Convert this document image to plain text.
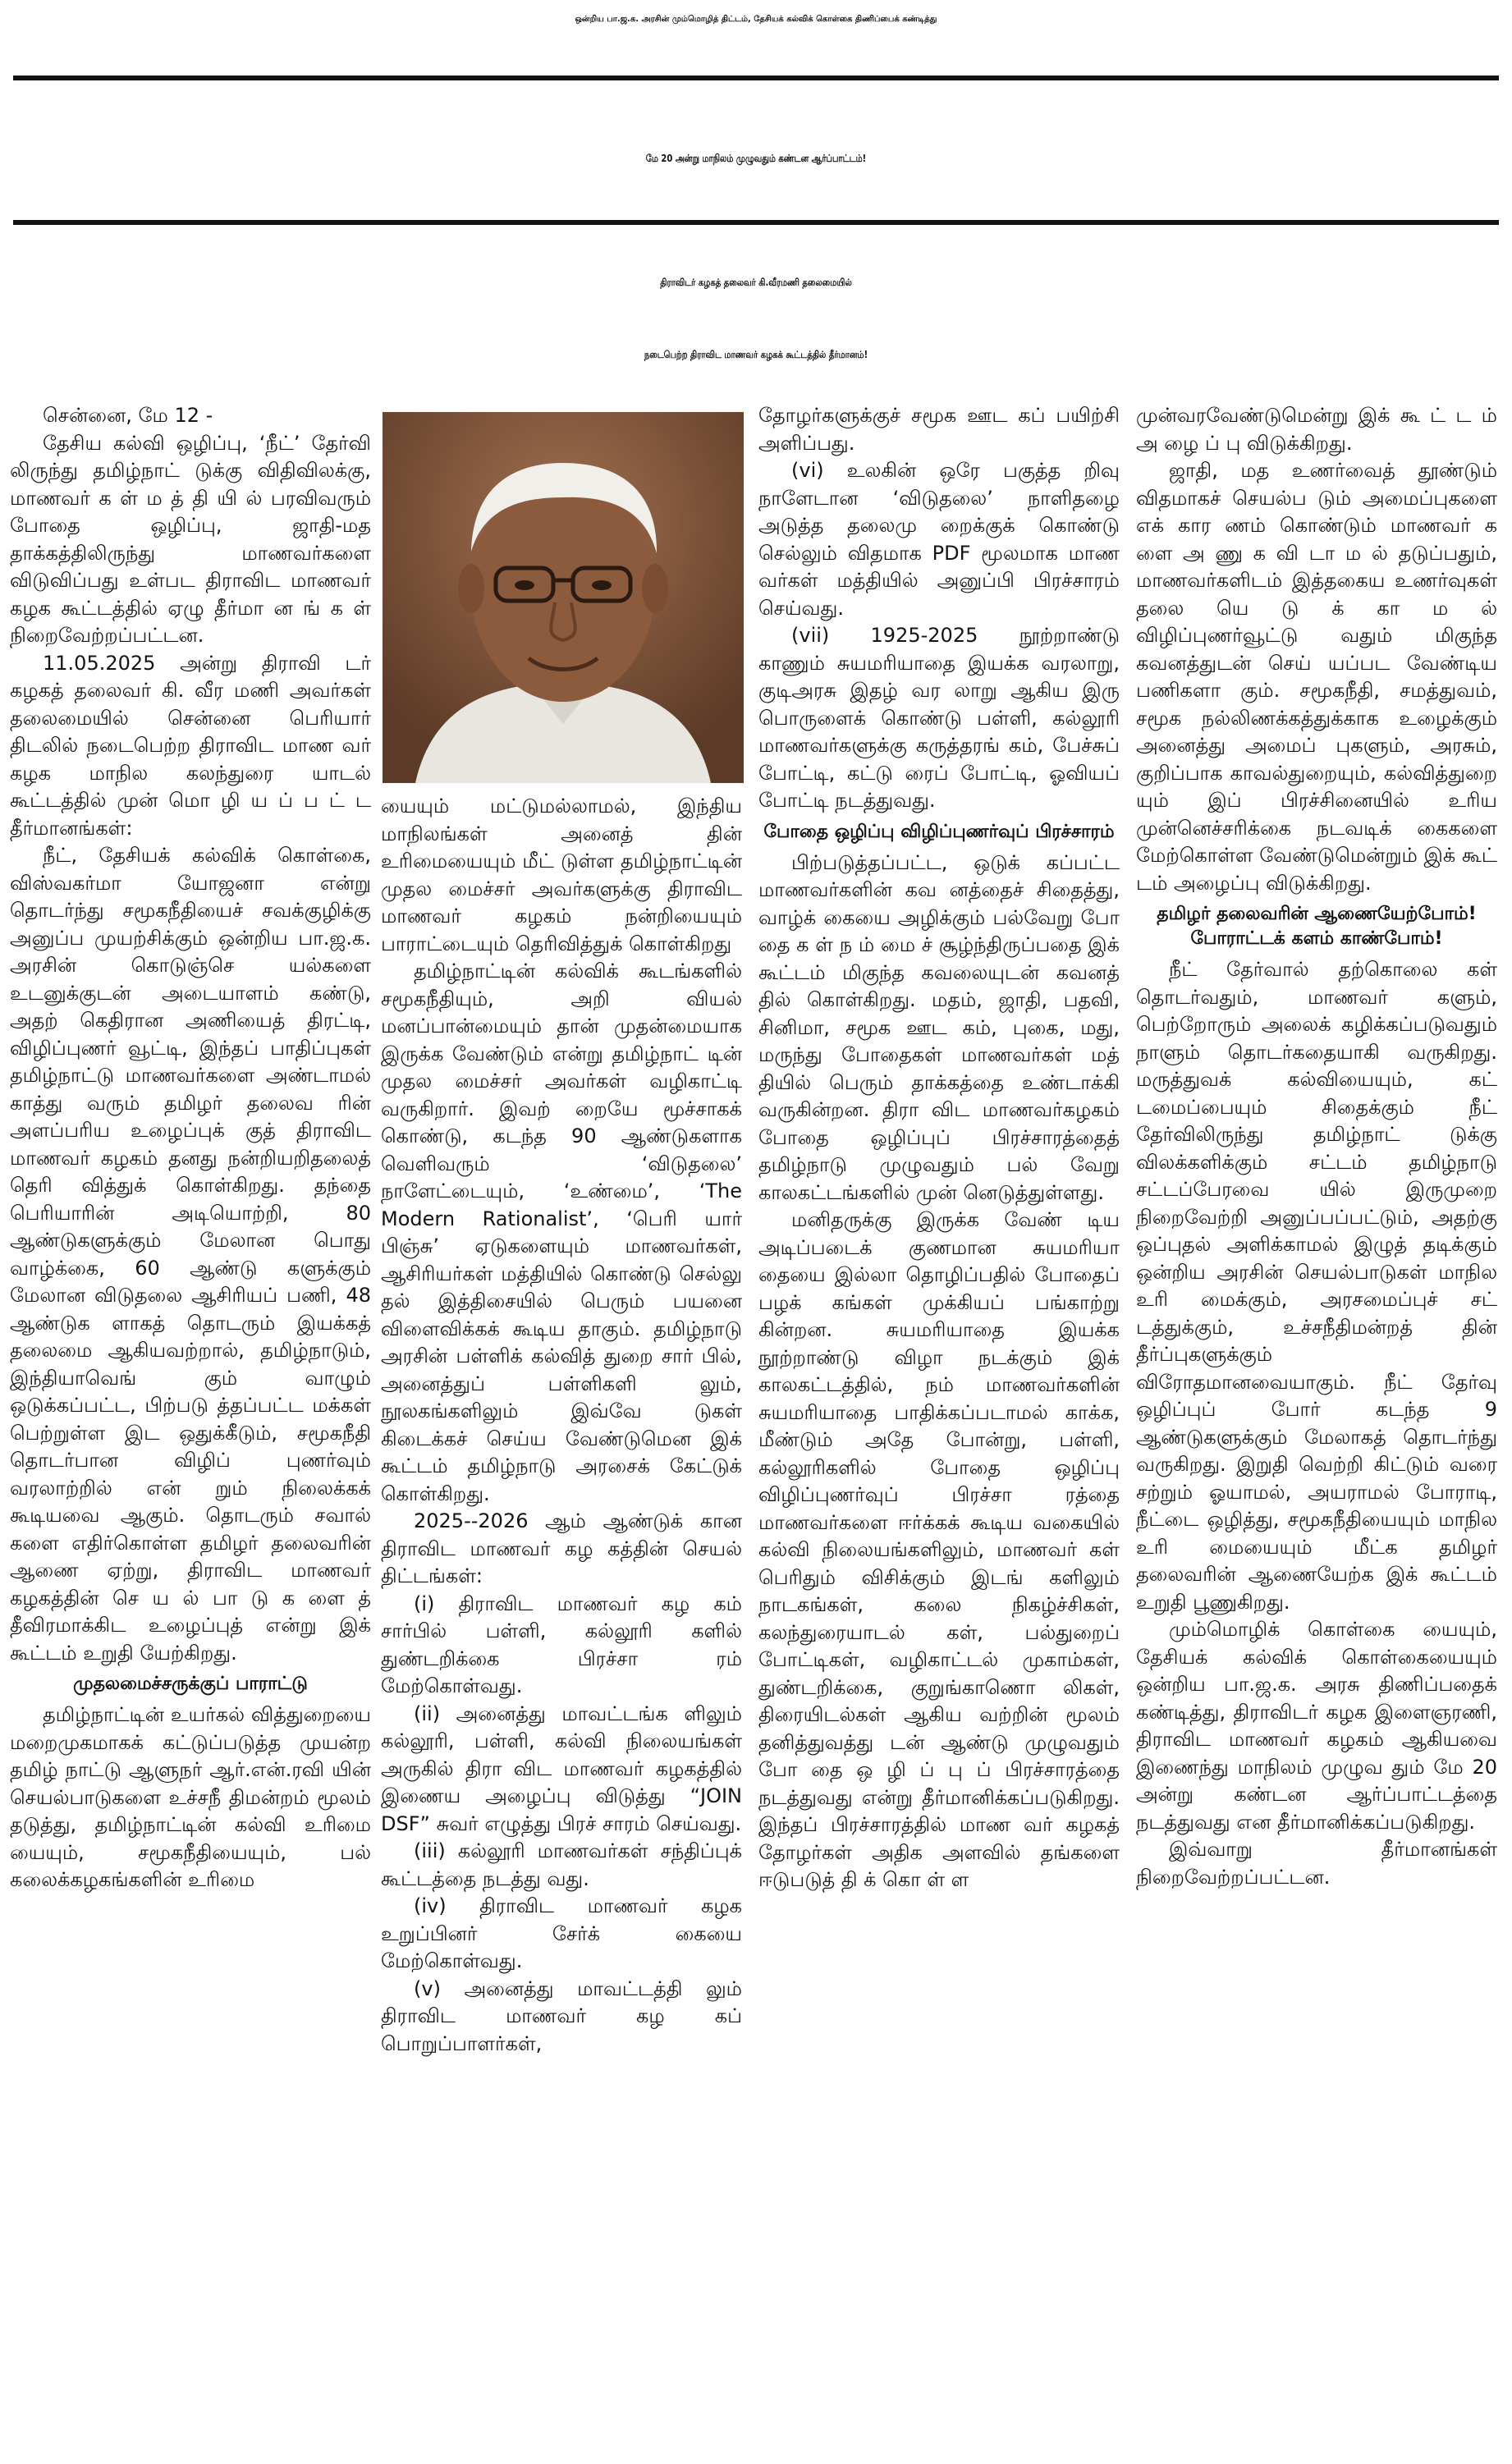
ஒன்றிய பா.ஜ.க. அரசின் மும்மொழித் திட்டம், தேசியக் கல்விக் கொள்கை திணிப்பைக் கண்டித்து
மே 20 அன்று மாநிலம் முழுவதும் கண்டன ஆர்ப்பாட்டம்!
திராவிடர் கழகத் தலைவர் கி.வீரமணி தலைமையில்
நடைபெற்ற திராவிட மாணவர் கழகக் கூட்டத்தில் தீர்மானம்!

சென்னை, மே 12 -

தேசிய கல்வி ஒழிப்பு, ‘நீட்’ தேர்வி லிருந்து தமிழ்நாட் டுக்கு விதிவிலக்கு, மாணவர் க ள் ம த் தி யி ல் பரவிவரும் போதை ஒழிப்பு, ஜாதி-மத தாக்கத்திலிருந்து மாணவர்களை விடுவிப்பது உள்பட திராவிட மாணவர் கழக கூட்டத்தில் ஏழு தீர்மா ன ங் க ள் நிறைவேற்றப்பட்டன.

11.05.2025 அன்று திராவி டர் கழகத் தலைவர் கி. வீர மணி அவர்கள் தலைமையில் சென்னை பெரியார் திடலில் நடைபெற்ற திராவிட மாண வர் கழக மாநில கலந்துரை யாடல் கூட்டத்தில் முன் மொ ழி ய ப் ப ட் ட தீர்மானங்கள்:

நீட், தேசியக் கல்விக் கொள்கை, விஸ்வகர்மா யோஜனா என்று தொடர்ந்து சமூகநீதியைச் சவக்குழிக்கு அனுப்ப முயற்சிக்கும் ஒன்றிய பா.ஜ.க. அரசின் கொடுஞ்செ யல்களை உடனுக்குடன் அடையாளம் கண்டு, அதற் கெதிரான அணியைத் திரட்டி, விழிப்புணர் வூட்டி, இந்தப் பாதிப்புகள் தமிழ்நாட்டு மாணவர்களை அண்டாமல் காத்து வரும் தமிழர் தலைவ ரின் அளப்பரிய உழைப்புக் குத் திராவிட மாணவர் கழகம் தனது நன்றியறிதலைத் தெரி வித்துக் கொள்கிறது. தந்தை பெரியாரின் அடியொற்றி, 80 ஆண்டுகளுக்கும் மேலான பொது வாழ்க்கை, 60 ஆண்டு களுக்கும் மேலான விடுதலை ஆசிரியப் பணி, 48 ஆண்டுக ளாகத் தொடரும் இயக்கத் தலைமை ஆகியவற்றால், தமிழ்நாடும், இந்தியாவெங் கும் வாழும் ஒடுக்கப்பட்ட, பிற்படு த்தப்பட்ட மக்கள் பெற்றுள்ள இட ஒதுக்கீடும், சமூகநீதி தொடர்பான விழிப் புணர்வும் வரலாற்றில் என் றும் நிலைக்கக் கூடியவை ஆகும். தொடரும் சவால் களை எதிர்கொள்ள தமிழர் தலைவரின் ஆணை ஏற்று, திராவிட மாணவர் கழகத்தின் செ ய ல் பா டு க ளை த் தீவிரமாக்கிட உழைப்புத் என்று இக் கூட்டம் உறுதி யேற்கிறது.

முதலமைச்சருக்குப் பாராட்டு

தமிழ்நாட்டின் உயர்கல் வித்துறையை மறைமுகமாகக் கட்டுப்படுத்த முயன்ற தமிழ் நாட்டு ஆளுநர் ஆர்.என்.ரவி யின் செயல்பாடுகளை உச்சநீ திமன்றம் மூலம் தடுத்து, தமிழ்நாட்டின் கல்வி உரிமை யையும், சமூகநீதியையும், பல் கலைக்கழகங்களின் உரிமை

யையும் மட்டுமல்லாமல், இந்திய மாநிலங்கள் அனைத் தின் உரிமையையும் மீட் டுள்ள தமிழ்நாட்டின் முதல மைச்சர் அவர்களுக்கு திராவிட மாணவர் கழகம் நன்றியையும் பாராட்டையும் தெரிவித்துக் கொள்கிறது

தமிழ்நாட்டின் கல்விக் கூடங்களில் சமூகநீதியும், அறி வியல் மனப்பான்மையும் தான் முதன்மையாக இருக்க வேண்டும் என்று தமிழ்நாட் டின் முதல மைச்சர் அவர்கள் வழிகாட்டி வருகிறார். இவற் றையே மூச்சாகக் கொண்டு, கடந்த 90 ஆண்டுகளாக வெளிவரும் ‘விடுதலை’ நாளேட்டையும், ‘உண்மை’, ‘The Modern Rationalist’, ‘பெரி யார் பிஞ்சு’ ஏடுகளையும் மாணவர்கள், ஆசிரியர்கள் மத்தியில் கொண்டு செல்லு தல் இத்திசையில் பெரும் பயனை விளைவிக்கக் கூடிய தாகும். தமிழ்நாடு அரசின் பள்ளிக் கல்வித் துறை சார் பில், அனைத்துப் பள்ளிகளி லும், நூலகங்களிலும் இவ்வே டுகள் கிடைக்கச் செய்ய வேண்டுமென இக் கூட்டம் தமிழ்நாடு அரசைக் கேட்டுக் கொள்கிறது.

2025--2026 ஆம் ஆண்டுக் கான திராவிட மாணவர் கழ கத்தின் செயல் திட்டங்கள்:

(i) திராவிட மாணவர் கழ கம் சார்பில் பள்ளி, கல்லூரி களில் துண்டறிக்கை பிரச்சா ரம் மேற்கொள்வது.

(ii) அனைத்து மாவட்டங்க ளிலும் கல்லூரி, பள்ளி, கல்வி நிலையங்கள் அருகில் திரா விட மாணவர் கழகத்தில் இணைய அழைப்பு விடுத்து “JOIN DSF” சுவர் எழுத்து பிரச் சாரம் செய்வது.

(iii) கல்லூரி மாணவர்கள் சந்திப்புக் கூட்டத்தை நடத்து வது.

(iv) திராவிட மாணவர் கழக உறுப்பினர் சேர்க் கையை மேற்கொள்வது.

(v) அனைத்து மாவட்டத்தி லும் திராவிட மாணவர் கழ கப் பொறுப்பாளர்கள்,

தோழர்களுக்குச் சமூக ஊட கப் பயிற்சி அளிப்பது.

(vi) உலகின் ஒரே பகுத்த றிவு நாளேடான ‘விடுதலை’ நாளிதழை அடுத்த தலைமு றைக்குக் கொண்டு செல்லும் விதமாக PDF மூலமாக மாண வர்கள் மத்தியில் அனுப்பி பிரச்சாரம் செய்வது.

(vii) 1925-2025 நூற்றாண்டு காணும் சுயமரியாதை இயக்க வரலாறு, குடிஅரசு இதழ் வர லாறு ஆகிய இரு பொருளைக் கொண்டு பள்ளி, கல்லூரி மாணவர்களுக்கு கருத்தரங் கம், பேச்சுப் போட்டி, கட்டு ரைப் போட்டி, ஓவியப் போட்டி நடத்துவது.

போதை ஒழிப்பு விழிப்புணர்வுப் பிரச்சாரம்

பிற்படுத்தப்பட்ட, ஒடுக் கப்பட்ட மாணவர்களின் கவ னத்தைச் சிதைத்து, வாழ்க் கையை அழிக்கும் பல்வேறு போ தை க ள் ந ம் மை ச் சூழ்ந்திருப்பதை இக் கூட்டம் மிகுந்த கவலையுடன் கவனத் தில் கொள்கிறது. மதம், ஜாதி, பதவி, சினிமா, சமூக ஊட கம், புகை, மது, மருந்து போதைகள் மாணவர்கள் மத் தியில் பெரும் தாக்கத்தை உண்டாக்கி வருகின்றன. திரா விட மாணவர்கழகம் போதை ஒழிப்புப் பிரச்சாரத்தைத் தமிழ்நாடு முழுவதும் பல் வேறு காலகட்டங்களில் முன் னெடுத்துள்ளது.

மனிதருக்கு இருக்க வேண் டிய அடிப்படைக் குணமான சுயமரியா தையை இல்லா தொழிப்பதில் போதைப் பழக் கங்கள் முக்கியப் பங்காற்று கின்றன. சுயமரியாதை இயக்க நூற்றாண்டு விழா நடக்கும் இக் காலகட்டத்தில், நம் மாணவர்களின் சுயமரியாதை பாதிக்கப்படாமல் காக்க, மீண்டும் அதே போன்று, பள்ளி, கல்லூரிகளில் போதை ஒழிப்பு விழிப்புணர்வுப் பிரச்சா ரத்தை மாணவர்களை ஈர்க்கக் கூடிய வகையில் கல்வி நிலையங்களிலும், மாணவர் கள் பெரிதும் விசிக்கும் இடங் களிலும் நாடகங்கள், கலை நிகழ்ச்சிகள், கலந்துரையாடல் கள், பல்துறைப் போட்டிகள், வழிகாட்டல் முகாம்கள், துண்டறிக்கை, குறுங்காணொ லிகள், திரையிடல்கள் ஆகிய வற்றின் மூலம் தனித்துவத்து டன் ஆண்டு முழுவதும் போ தை ஒ ழி ப் பு ப் பிரச்சாரத்தை நடத்துவது என்று தீர்மானிக்கப்படுகிறது. இந்தப் பிரச்சாரத்தில் மாண வர் கழகத் தோழர்கள் அதிக அளவில் தங்களை ஈடுபடுத் தி க் கொ ள் ள

முன்வரவேண்டுமென்று இக் கூ ட் ட ம் அ ழை ப் பு விடுக்கிறது.

ஜாதி, மத உணர்வைத் தூண்டும் விதமாகச் செயல்ப டும் அமைப்புகளை எக் கார ணம் கொண்டும் மாணவர் க ளை அ ணு க வி டா ம ல் தடுப்பதும், மாணவர்களிடம் இத்தகைய உணர்வுகள் தலை யெ டு க் கா ம ல் விழிப்புணர்வூட்டு வதும் மிகுந்த கவனத்துடன் செய் யப்பட வேண்டிய பணிகளா கும். சமூகநீதி, சமத்துவம், சமூக நல்லிணக்கத்துக்காக உழைக்கும் அனைத்து அமைப் புகளும், அரசும், குறிப்பாக காவல்துறையும், கல்வித்துறை யும் இப் பிரச்சினையில் உரிய முன்னெச்சரிக்கை நடவடிக் கைகளை மேற்கொள்ள வேண்டுமென்றும் இக் கூட் டம் அழைப்பு விடுக்கிறது.

தமிழர் தலைவரின் ஆணையேற்போம்! போராட்டக் களம் காண்போம்!

நீட் தேர்வால் தற்கொலை கள் தொடர்வதும், மாணவர் களும், பெற்றோரும் அலைக் கழிக்கப்படுவதும் நாளும் தொடர்கதையாகி வருகிறது. மருத்துவக் கல்வியையும், கட் டமைப்பையும் சிதைக்கும் நீட் தேர்விலிருந்து தமிழ்நாட் டுக்கு விலக்களிக்கும் சட்டம் தமிழ்நாடு சட்டப்பேரவை யில் இருமுறை நிறைவேற்றி அனுப்பப்பட்டும், அதற்கு ஒப்புதல் அளிக்காமல் இழுத் தடிக்கும் ஒன்றிய அரசின் செயல்பாடுகள் மாநில உரி மைக்கும், அரசமைப்புச் சட் டத்துக்கும், உச்சநீதிமன்றத் தின் தீர்ப்புகளுக்கும் விரோதமானவையாகும். நீட் தேர்வு ஒழிப்புப் போர் கடந்த 9 ஆண்டுகளுக்கும் மேலாகத் தொடர்ந்து வருகிறது. இறுதி வெற்றி கிட்டும் வரை சற்றும் ஓயாமல், அயராமல் போராடி, நீட்டை ஒழித்து, சமூகநீதியையும் மாநில உரி மையையும் மீட்க தமிழர் தலைவரின் ஆணையேற்க இக் கூட்டம் உறுதி பூணுகிறது.

மும்மொழிக் கொள்கை யையும், தேசியக் கல்விக் கொள்கையையும் ஒன்றிய பா.ஜ.க. அரசு திணிப்பதைக் கண்டித்து, திராவிடர் கழக இளைஞரணி, திராவிட மாணவர் கழகம் ஆகியவை இணைந்து மாநிலம் முழுவ தும் மே 20 அன்று கண்டன ஆர்ப்பாட்டத்தை நடத்துவது என தீர்மானிக்கப்படுகிறது.

இவ்வாறு தீர்மானங்கள் நிறைவேற்றப்பட்டன.
